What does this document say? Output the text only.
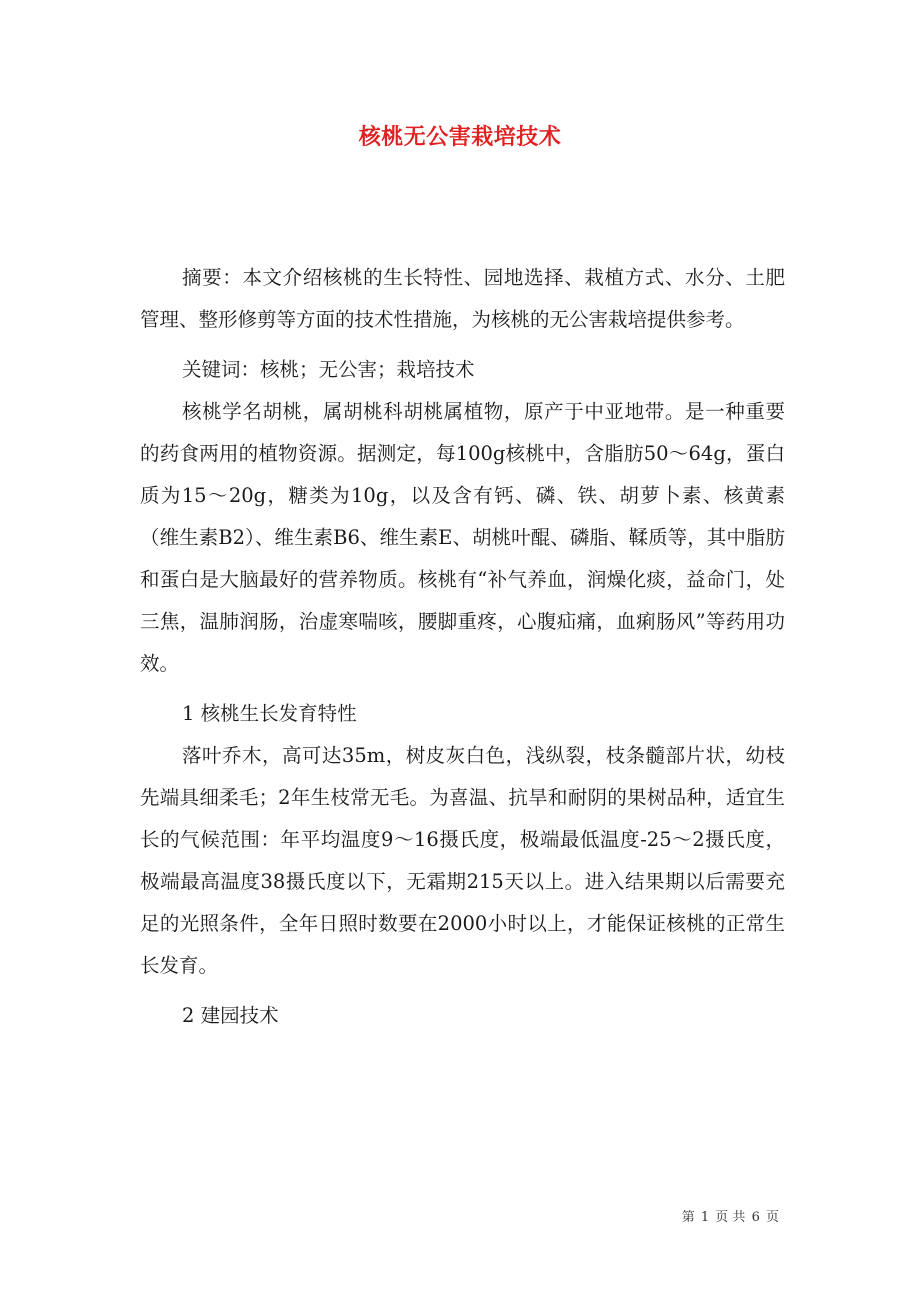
核桃无公害栽培技术

摘要：本文介绍核桃的生长特性、园地选择、栽植方式、水分、土肥管理、整形修剪等方面的技术性措施，为核桃的无公害栽培提供参考。

关键词：核桃；无公害；栽培技术

核桃学名胡桃，属胡桃科胡桃属植物，原产于中亚地带。是一种重要的药食两用的植物资源。据测定，每100g核桃中，含脂肪50～64g，蛋白质为15～20g，糖类为10g，以及含有钙、磷、铁、胡萝卜素、核黄素（维生素B2）、维生素B6、维生素E、胡桃叶醌、磷脂、鞣质等，其中脂肪和蛋白是大脑最好的营养物质。核桃有“补气养血，润燥化痰，益命门，处三焦，温肺润肠，治虚寒喘咳，腰脚重疼，心腹疝痛，血痢肠风”等药用功效。

1 核桃生长发育特性

落叶乔木，高可达35m，树皮灰白色，浅纵裂，枝条髓部片状，幼枝先端具细柔毛；2年生枝常无毛。为喜温、抗旱和耐阴的果树品种，适宜生长的气候范围：年平均温度9～16摄氏度，极端最低温度-25～2摄氏度，极端最高温度38摄氏度以下，无霜期215天以上。进入结果期以后需要充足的光照条件，全年日照时数要在2000小时以上，才能保证核桃的正常生长发育。

2 建园技术

第 1 页 共 6 页
